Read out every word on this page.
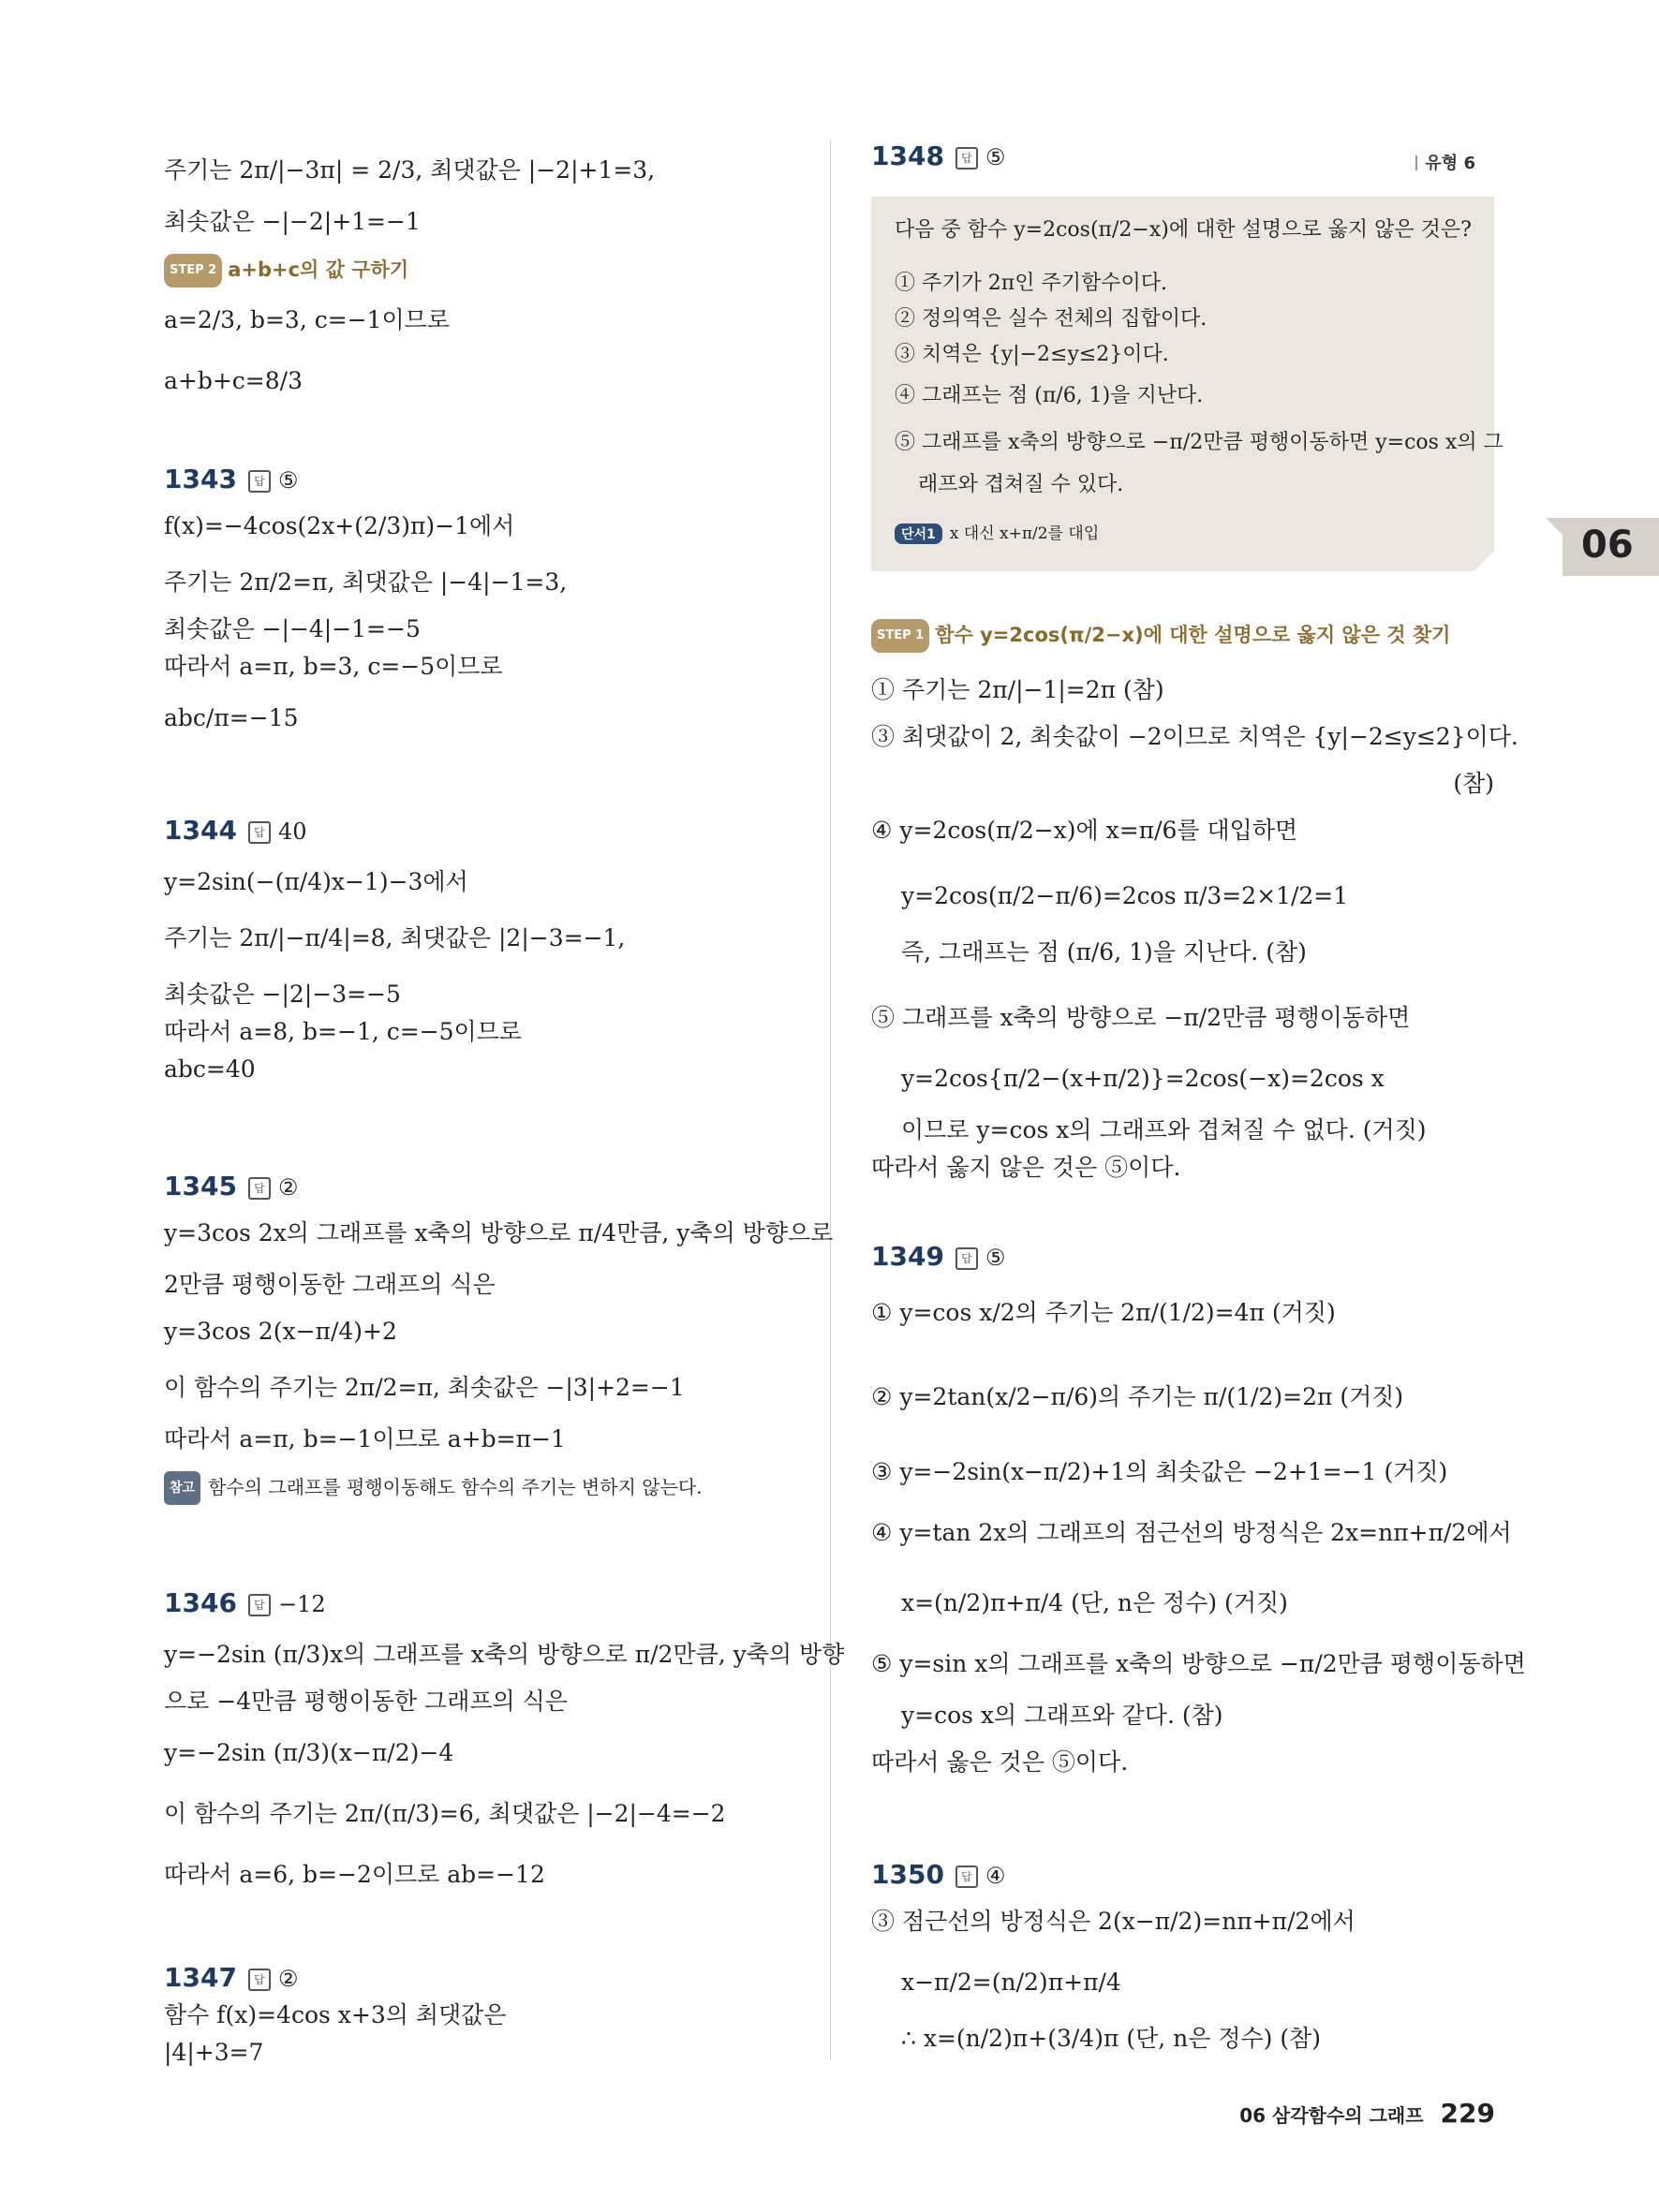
06
주기는 2π/|−3π| = 2/3, 최댓값은 |−2|+1=3,
최솟값은 −|−2|+1=−1
STEP 2 a+b+c의 값 구하기
a=2/3, b=3, c=−1이므로
a+b+c=8/3
1343 답 ⑤
f(x)=−4cos(2x+(2/3)π)−1에서
주기는 2π/2=π, 최댓값은 |−4|−1=3,
최솟값은 −|−4|−1=−5
따라서 a=π, b=3, c=−5이므로
abc/π=−15
1344 답 40
y=2sin(−(π/4)x−1)−3에서
주기는 2π/|−π/4|=8, 최댓값은 |2|−3=−1,
최솟값은 −|2|−3=−5
따라서 a=8, b=−1, c=−5이므로
abc=40
1345 답 ②
y=3cos 2x의 그래프를 x축의 방향으로 π/4만큼, y축의 방향으로
2만큼 평행이동한 그래프의 식은
y=3cos 2(x−π/4)+2
이 함수의 주기는 2π/2=π, 최솟값은 −|3|+2=−1
따라서 a=π, b=−1이므로 a+b=π−1
참고 함수의 그래프를 평행이동해도 함수의 주기는 변하지 않는다.
1346 답 −12
y=−2sin (π/3)x의 그래프를 x축의 방향으로 π/2만큼, y축의 방향
으로 −4만큼 평행이동한 그래프의 식은
y=−2sin (π/3)(x−π/2)−4
이 함수의 주기는 2π/(π/3)=6, 최댓값은 |−2|−4=−2
따라서 a=6, b=−2이므로 ab=−12
1347 답 ②
함수 f(x)=4cos x+3의 최댓값은
|4|+3=7
1348 답 ⑤	유형 6
다음 중 함수 y=2cos(π/2−x)에 대한 설명으로 옳지 않은 것은?
① 주기가 2π인 주기함수이다.
② 정의역은 실수 전체의 집합이다.
③ 치역은 {y|−2≤y≤2}이다.
④ 그래프는 점 (π/6, 1)을 지난다.
⑤ 그래프를 x축의 방향으로 −π/2만큼 평행이동하면 y=cos x의 그
래프와 겹쳐질 수 있다.
단서1 x 대신 x+π/2를 대입
STEP 1 함수 y=2cos(π/2−x)에 대한 설명으로 옳지 않은 것 찾기
① 주기는 2π/|−1|=2π (참)
③ 최댓값이 2, 최솟값이 −2이므로 치역은 {y|−2≤y≤2}이다.
(참)
④ y=2cos(π/2−x)에 x=π/6를 대입하면
y=2cos(π/2−π/6)=2cos π/3=2×1/2=1
즉, 그래프는 점 (π/6, 1)을 지난다. (참)
⑤ 그래프를 x축의 방향으로 −π/2만큼 평행이동하면
y=2cos{π/2−(x+π/2)}=2cos(−x)=2cos x
이므로 y=cos x의 그래프와 겹쳐질 수 없다. (거짓)
따라서 옳지 않은 것은 ⑤이다.
1349 답 ⑤
① y=cos x/2의 주기는 2π/(1/2)=4π (거짓)
② y=2tan(x/2−π/6)의 주기는 π/(1/2)=2π (거짓)
③ y=−2sin(x−π/2)+1의 최솟값은 −2+1=−1 (거짓)
④ y=tan 2x의 그래프의 점근선의 방정식은 2x=nπ+π/2에서
x=(n/2)π+π/4 (단, n은 정수) (거짓)
⑤ y=sin x의 그래프를 x축의 방향으로 −π/2만큼 평행이동하면
y=cos x의 그래프와 같다. (참)
따라서 옳은 것은 ⑤이다.
1350 답 ④
③ 점근선의 방정식은 2(x−π/2)=nπ+π/2에서
x−π/2=(n/2)π+π/4
∴ x=(n/2)π+(3/4)π (단, n은 정수) (참)
06 삼각함수의 그래프 229
